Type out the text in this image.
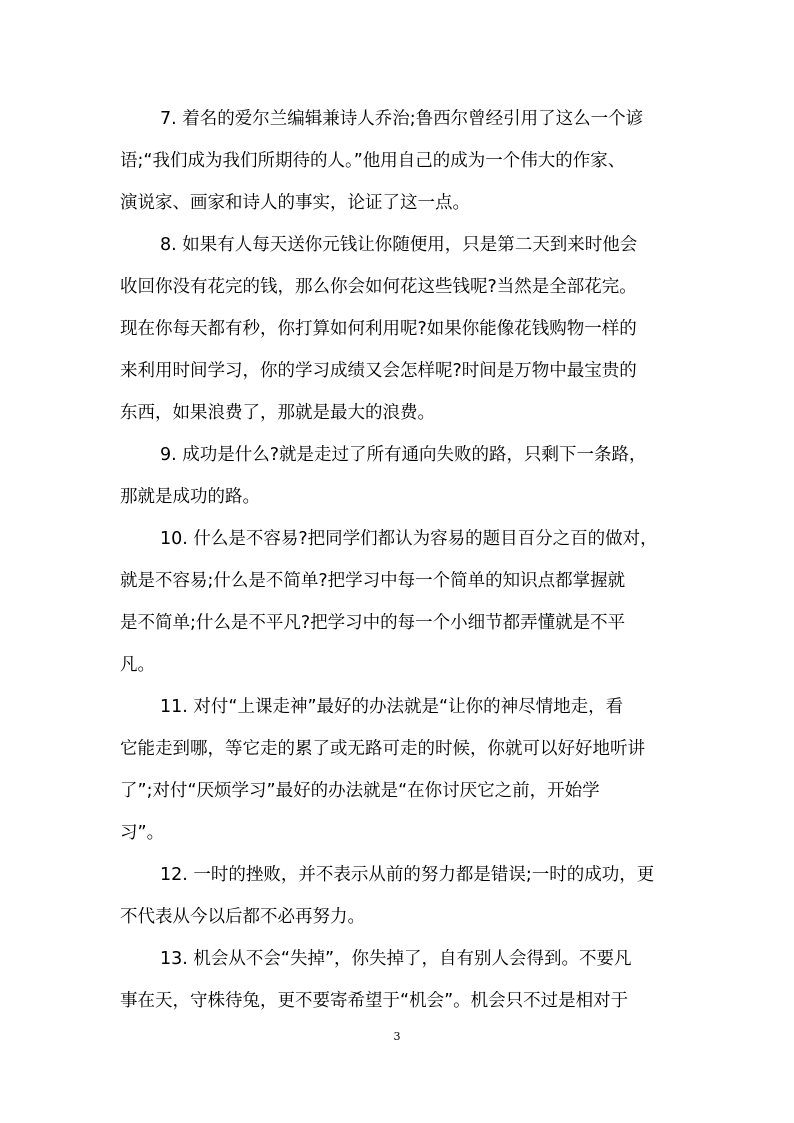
7. 着名的爱尔兰编辑兼诗人乔治;鲁西尔曾经引用了这么一个谚
语;“我们成为我们所期待的人。”他用自己的成为一个伟大的作家、
演说家、画家和诗人的事实，论证了这一点。
8. 如果有人每天送你元钱让你随便用，只是第二天到来时他会
收回你没有花完的钱，那么你会如何花这些钱呢?当然是全部花完。
现在你每天都有秒，你打算如何利用呢?如果你能像花钱购物一样的
来利用时间学习，你的学习成绩又会怎样呢?时间是万物中最宝贵的
东西，如果浪费了，那就是最大的浪费。
9. 成功是什么?就是走过了所有通向失败的路，只剩下一条路，
那就是成功的路。
10. 什么是不容易?把同学们都认为容易的题目百分之百的做对，
就是不容易;什么是不简单?把学习中每一个简单的知识点都掌握就
是不简单;什么是不平凡?把学习中的每一个小细节都弄懂就是不平
凡。
11. 对付“上课走神”最好的办法就是“让你的神尽情地走，看
它能走到哪，等它走的累了或无路可走的时候，你就可以好好地听讲
了”;对付“厌烦学习”最好的办法就是“在你讨厌它之前，开始学
习”。
12. 一时的挫败，并不表示从前的努力都是错误;一时的成功，更
不代表从今以后都不必再努力。
13. 机会从不会“失掉”，你失掉了，自有别人会得到。不要凡
事在天，守株待兔，更不要寄希望于“机会”。机会只不过是相对于
3
